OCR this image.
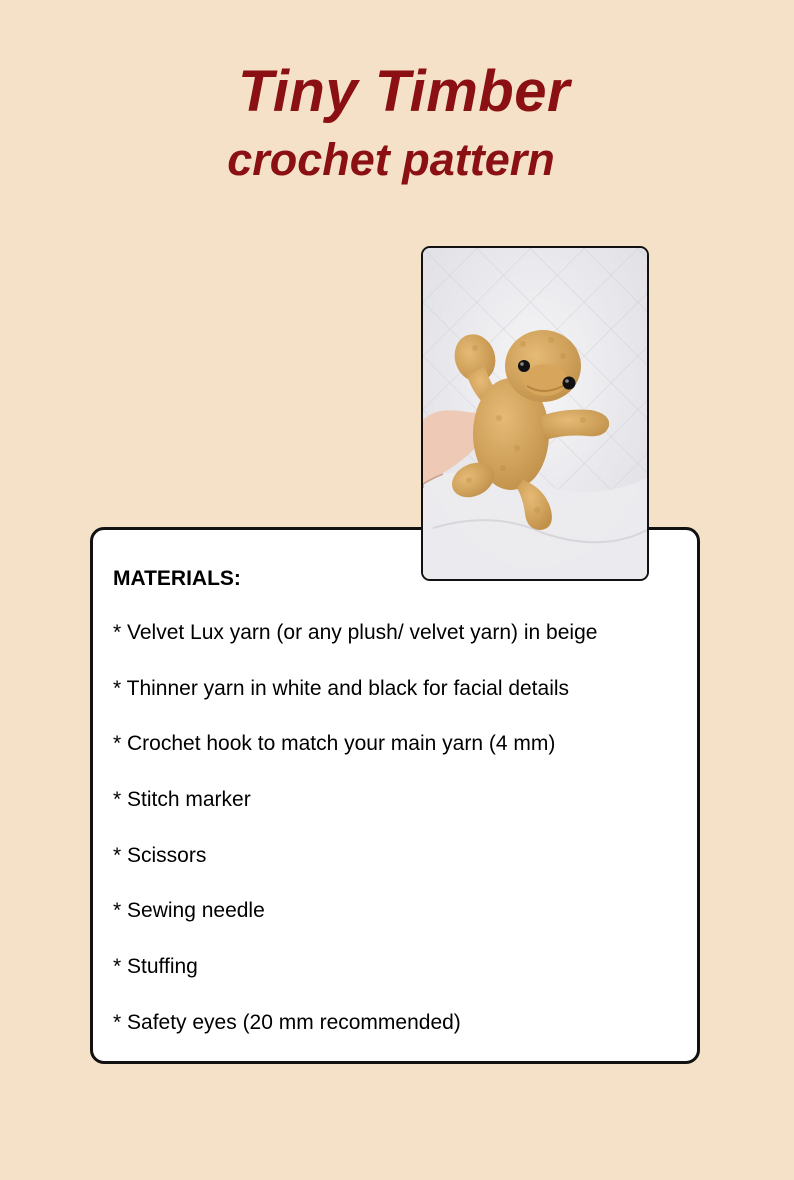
Tiny Timber
crochet pattern

MATERIALS:

* Velvet Lux yarn (or any plush/ velvet yarn) in beige
* Thinner yarn in white and black for facial details
* Crochet hook to match your main yarn (4 mm)
* Stitch marker
* Scissors
* Sewing needle
* Stuffing
* Safety eyes (20 mm recommended)
